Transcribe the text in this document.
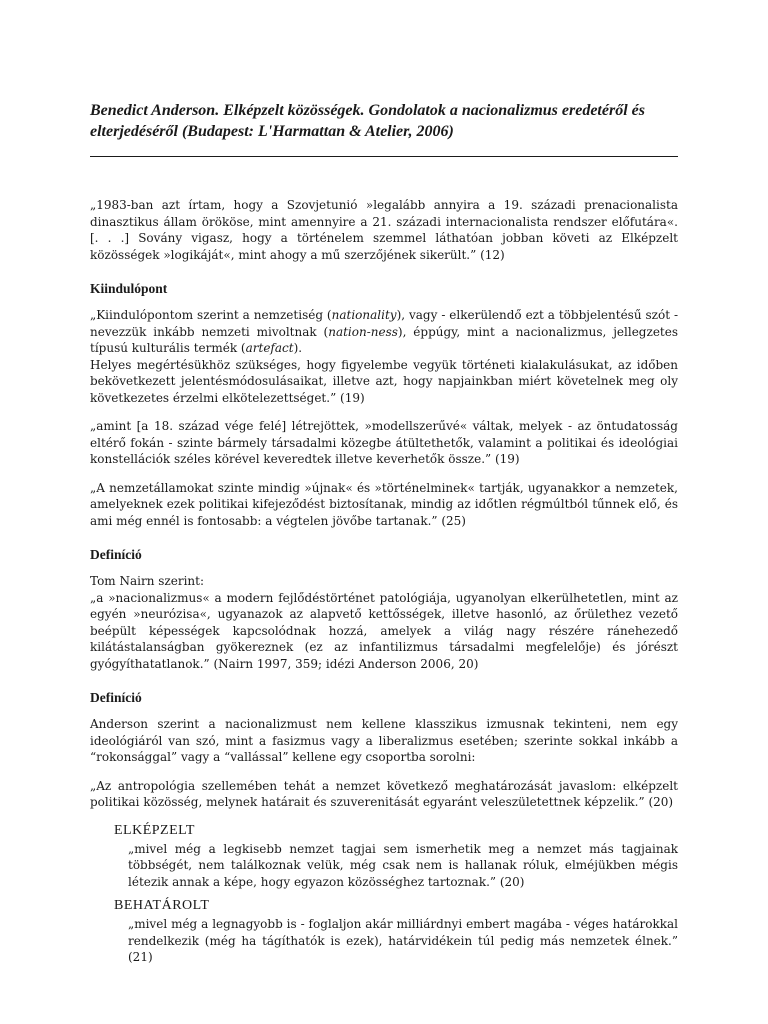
Benedict Anderson. Elképzelt közösségek. Gondolatok a nacionalizmus eredetéről és elterjedéséről (Budapest: L'Harmattan & Atelier, 2006)

„1983-ban azt írtam, hogy a Szovjetunió »legalább annyira a 19. századi prenacionalista dinasztikus állam örököse, mint amennyire a 21. századi internacionalista rendszer előfutára«. [. . .] Sovány vigasz, hogy a történelem szemmel láthatóan jobban követi az Elképzelt közösségek »logikáját«, mint ahogy a mű szerzőjének sikerült.” (12)

Kiindulópont

„Kiindulópontom szerint a nemzetiség (nationality), vagy - elkerülendő ezt a többjelentésű szót - nevezzük inkább nemzeti mivoltnak (nation-ness), éppúgy, mint a nacionalizmus, jellegzetes típusú kulturális termék (artefact).

Helyes megértésükhöz szükséges, hogy figyelembe vegyük történeti kialakulásukat, az időben bekövetkezett jelentésmódosulásaikat, illetve azt, hogy napjainkban miért követelnek meg oly következetes érzelmi elkötelezettséget.” (19)

„amint [a 18. század vége felé] létrejöttek, »modellszerűvé« váltak, melyek - az öntudatosság eltérő fokán - szinte bármely társadalmi közegbe átültethetők, valamint a politikai és ideológiai konstellációk széles körével keveredtek illetve keverhetők össze.” (19)

„A nemzetállamokat szinte mindig »újnak« és »történelminek« tartják, ugyanakkor a nemzetek, amelyeknek ezek politikai kifejeződést biztosítanak, mindig az időtlen régmúltból tűnnek elő, és ami még ennél is fontosabb: a végtelen jövőbe tartanak.” (25)

Definíció

Tom Nairn szerint:

„a »nacionalizmus« a modern fejlődéstörténet patológiája, ugyanolyan elkerülhetetlen, mint az egyén »neurózisa«, ugyanazok az alapvető kettősségek, illetve hasonló, az őrülethez vezető beépült képességek kapcsolódnak hozzá, amelyek a világ nagy részére ránehezedő kilátástalanságban gyökereznek (ez az infantilizmus társadalmi megfelelője) és jórészt gyógyíthatatlanok.” (Nairn 1997, 359; idézi Anderson 2006, 20)

Definíció

Anderson szerint a nacionalizmust nem kellene klasszikus izmusnak tekinteni, nem egy ideológiáról van szó, mint a fasizmus vagy a liberalizmus esetében; szerinte sokkal inkább a “rokonsággal” vagy a “vallással” kellene egy csoportba sorolni:

„Az antropológia szellemében tehát a nemzet következő meghatározását javaslom: elképzelt politikai közösség, melynek határait és szuverenitását egyaránt veleszületettnek képzelik.” (20)

ELKÉPZELT

„mivel még a legkisebb nemzet tagjai sem ismerhetik meg a nemzet más tagjainak többségét, nem találkoznak velük, még csak nem is hallanak róluk, elméjükben mégis létezik annak a képe, hogy egyazon közösséghez tartoznak.” (20)

BEHATÁROLT

„mivel még a legnagyobb is - foglaljon akár milliárdnyi embert magába - véges határokkal rendelkezik (még ha tágíthatók is ezek), határvidékein túl pedig más nemzetek élnek.” (21)
